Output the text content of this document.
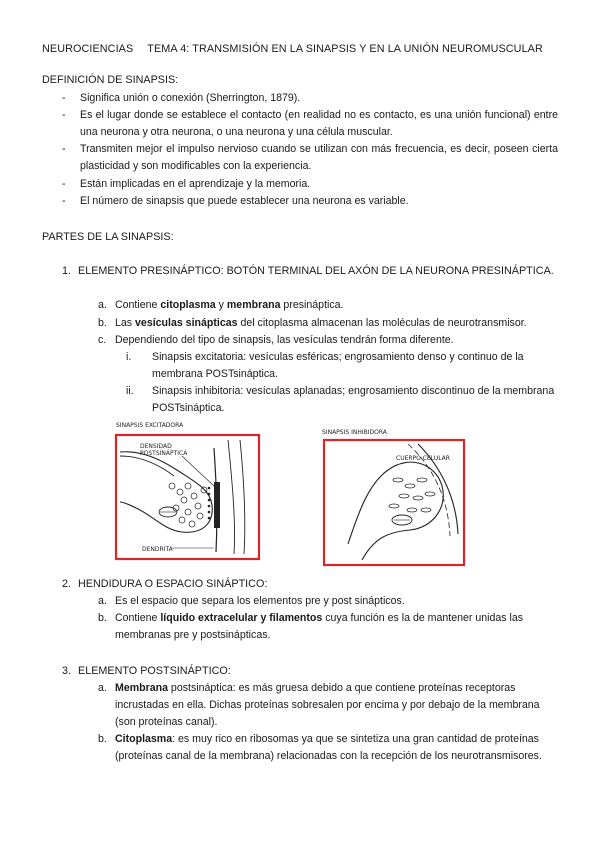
NEUROCIENCIAS TEMA 4: TRANSMISIÓN EN LA SINAPSIS Y EN LA UNIÓN NEUROMUSCULAR
DEFINICIÓN DE SINAPSIS:
- Significa unión o conexión (Sherrington, 1879).
- Es el lugar donde se establece el contacto (en realidad no es contacto, es una unión funcional) entre una neurona y otra neurona, o una neurona y una célula muscular.
- Transmiten mejor el impulso nervioso cuando se utilizan con más frecuencia, es decir, poseen cierta plasticidad y son modificables con la experiencia.
- Están implicadas en el aprendizaje y la memoria.
- El número de sinapsis que puede establecer una neurona es variable.
PARTES DE LA SINAPSIS:
1. ELEMENTO PRESINÁPTICO: BOTÓN TERMINAL DEL AXÓN DE LA NEURONA PRESINÁPTICA.
a. Contiene citoplasma y membrana presináptica.
b. Las vesículas sinápticas del citoplasma almacenan las moléculas de neurotransmisor.
c. Dependiendo del tipo de sinapsis, las vesículas tendrán forma diferente.
i. Sinapsis excitatoria: vesículas esféricas; engrosamiento denso y continuo de la membrana POSTsináptica.
ii. Sinapsis inhibitoria: vesículas aplanadas; engrosamiento discontinuo de la membrana POSTsináptica.
SINAPSIS EXCITADORA
DENSIDAD
POSTSINÁPTICA
DENDRITA
SINAPSIS INHIBIDORA
CUERPO CELULAR
2. HENDIDURA O ESPACIO SINÁPTICO:
a. Es el espacio que separa los elementos pre y post sinápticos.
b. Contiene líquido extracelular y filamentos cuya función es la de mantener unidas las membranas pre y postsinápticas.
3. ELEMENTO POSTSINÁPTICO:
a. Membrana postsináptica: es más gruesa debido a que contiene proteínas receptoras incrustadas en ella. Dichas proteínas sobresalen por encima y por debajo de la membrana (son proteínas canal).
b. Citoplasma: es muy rico en ribosomas ya que se sintetiza una gran cantidad de proteínas (proteínas canal de la membrana) relacionadas con la recepción de los neurotransmisores.
